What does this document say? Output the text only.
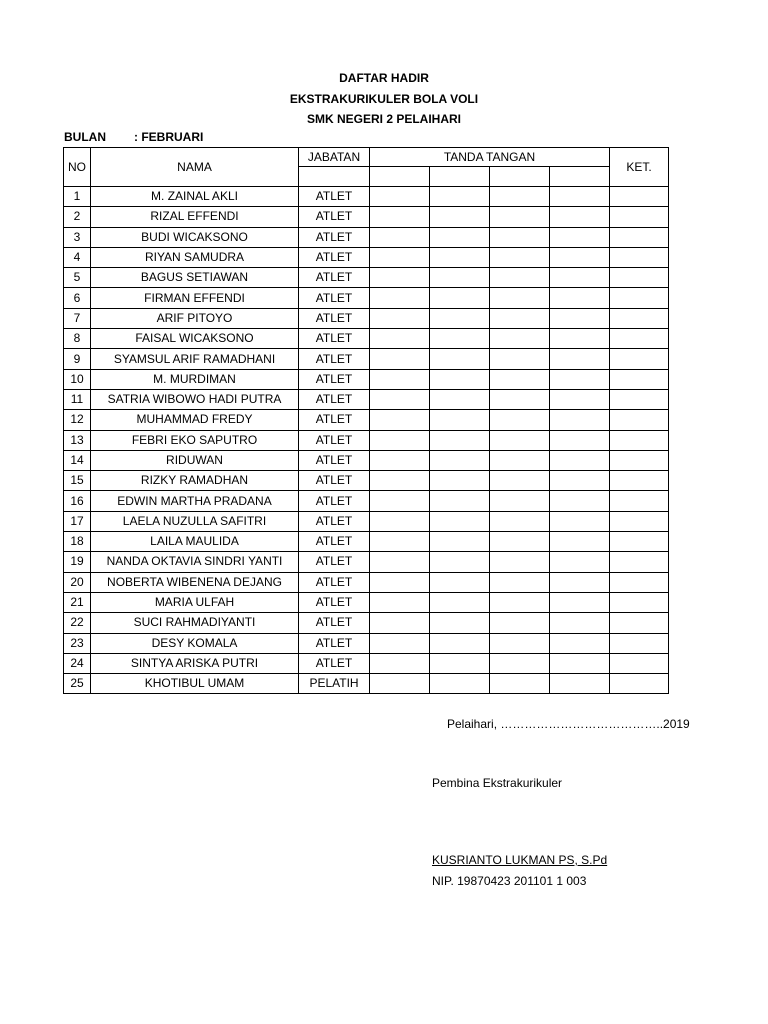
DAFTAR HADIR
EKSTRAKURIKULER BOLA VOLI
SMK NEGERI 2 PELAIHARI
BULAN : FEBRUARI
NO	NAMA	JABATAN	TANDA TANGAN				KET.

1	M. ZAINAL AKLI	ATLET					
2	RIZAL EFFENDI	ATLET					
3	BUDI WICAKSONO	ATLET					
4	RIYAN SAMUDRA	ATLET					
5	BAGUS SETIAWAN	ATLET					
6	FIRMAN EFFENDI	ATLET					
7	ARIF PITOYO	ATLET					
8	FAISAL WICAKSONO	ATLET					
9	SYAMSUL ARIF RAMADHANI	ATLET					
10	M. MURDIMAN	ATLET					
11	SATRIA WIBOWO HADI PUTRA	ATLET					
12	MUHAMMAD FREDY	ATLET					
13	FEBRI EKO SAPUTRO	ATLET					
14	RIDUWAN	ATLET					
15	RIZKY RAMADHAN	ATLET					
16	EDWIN MARTHA PRADANA	ATLET					
17	LAELA NUZULLA SAFITRI	ATLET					
18	LAILA MAULIDA	ATLET					
19	NANDA OKTAVIA SINDRI YANTI	ATLET					
20	NOBERTA WIBENENA DEJANG	ATLET					
21	MARIA ULFAH	ATLET					
22	SUCI RAHMADIYANTI	ATLET					
23	DESY KOMALA	ATLET					
24	SINTYA ARISKA PUTRI	ATLET					
25	KHOTIBUL UMAM	PELATIH					
Pelaihari, …………………………………..2019
Pembina Ekstrakurikuler
KUSRIANTO LUKMAN PS, S.Pd
NIP. 19870423 201101 1 003
